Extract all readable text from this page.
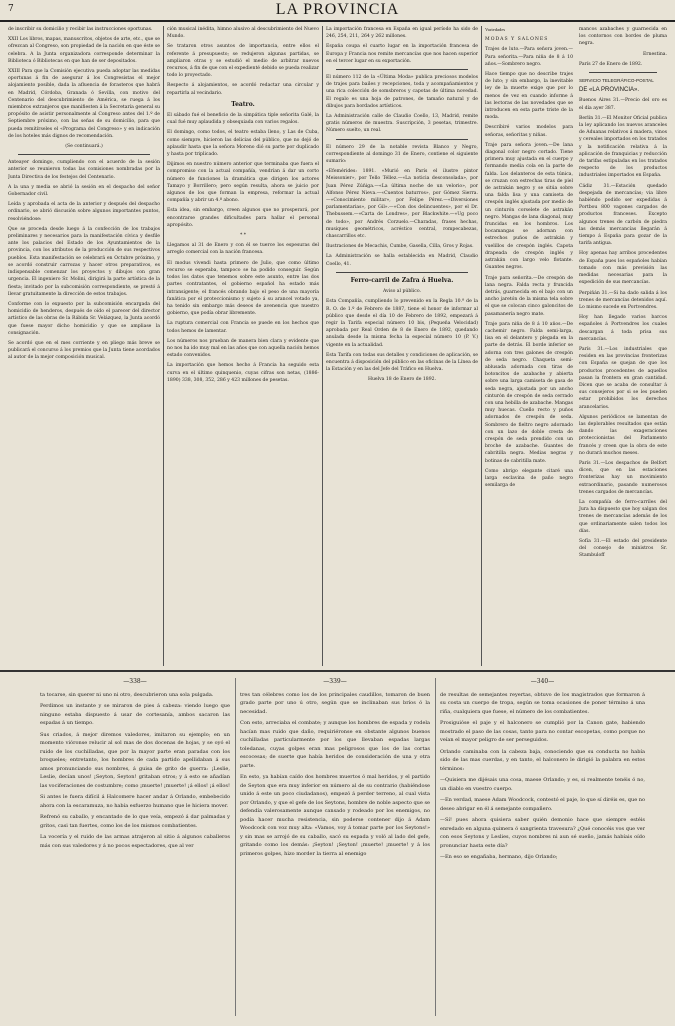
7	LA PROVINCIA

de inscribir su domicilio y recibir las instrucciones oportunas.

XXII Los libros, mapas, manuscritos, objetos de arte, etc., que se ofrezcan al Congreso, son propiedad de la nación en que éste se celebra. A la Junta organizadora corresponde determinar la Biblioteca ó Bibliotecas en que han de ser depositados.

XXIII Para que la Comisión ejecutiva pueda adoptar las medidas oportunas á fin de asegurar á los Congresistas el mejor alojamiento posible, dada la afluencia de forasteros que habrá en Madrid, Córdoba, Granada ó Sevilla, con motivo del Centenario del descubrimiento de América, se ruega á los miembros extranjeros que manifiesten á la Secretaría general su propósito de asistir personalmente al Congreso antes del 1.º de Septiembre próximo, con las señas de su domicilio, para que pueda remitírseles el «Programa del Congreso» y en indicación de los hoteles más dignos de recomendación.

(Se continuará.)

Anteayer domingo, cumpliendo con el acuerdo de la sesión anterior se reunieron todas las comisiones nombradas por la Junta Directiva de los festejos del Centenario.

A la una y media se abrió la sesión en el despacho del señor Gobernador civil.

Leída y aprobada el acta de la anterior y después del despacho ordinario, se abrió discusión sobre algunos importantes puntos, resolviéndose:

Que se proceda desde luego á la confección de los trabajos preliminares y necesarios para la manifestación cívica y desfile ante los palacios del Estado de los Ayuntamientos de la provincia, con los atributos de la producción de sus respectivos pueblos. Esta manifestación se celebrará en Octubre próximo, y se acordó construir carrozas y hacer otros preparativos, es indispensable comenzar los proyectos y dibujos con gran urgencia. El ingeniero Sr. Molini, dirigirá la parte artística de la fiesta; invitado por la subcomisión correspondiente, se prestó á llevar gratuitamente la dirección de estos trabajos.

Conforme con lo expuesto por la subcomisión encargada del homicidio de henderos, después de oído el parecer del director artístico de las obras de la Rábida Sr. Velázquez, la Junta acordó que fuese mayor dicho homicidio y que se ampliase la consignación.

Se acordó que en el mes corriente y en pliego más breve se publicará el concurso á los premios que la Junta tiene acordados al autor de la mejor composición musical.

ción musical inédita, himno alusivo al descubrimiento del Nuevo Mundo.

Se trataron otros asuntos de importancia, entre ellos el referente á presupuesto; se redujeron algunas partidas, se ampliaron otras y se estudió el medio de arbitrar nuevos recursos, á fin de que con el expedienté debido se pueda realizar todo lo proyectado.

Respecto á alojamientos, se acordó redactar una circular y repartirla al vecindario.

Teatro.

El sábado fué el beneficio de la simpática tiple señorita Galé, la cual fué muy aplaudida y obsequiada con varios regalos.

El domingo, como todos, el teatro estaba lleno, y Las de Cuba, como siempre, hicieron las delicias del público, que no dejó de aplaudir hasta que la señora Moreno dió su parte por duplicado y hasta por triplicado.

Dijimos en nuestro número anterior que terminaba que fuera el compromiso con la actual compañía, vendrían á dar un corto número de funciones la dramática que dirigen los actores Tamayo y Borrillero; pero según resulta, ahora se juicio por algunos de los que forman la empresa, reformar la actual compañía y abrir un 4.º abono.

Esta idea, sin embargo, creen algunos que no prosperará, por encontrarse grandes dificultades para hallar el personal apropósito.

* *

Llegamos al 31 de Enero y con él se tuerce los espesuras del arreglo comercial con la nación francesa.

El modus vivendi hasta primero de Julio, que como último recurso se esperaba, tampoco se ha podido conseguir. Según todos los datos que tenemos sobre este asunto, entre las dos partes contratantes, el gobierno español ha estado más intransigente; el francés obrando bajo el peso de una mayoría fanática por el proteccionismo y sujeto á su arancel votado ya, ha tenido sin embargo más deseos de avenencia que nuestro gobierno, que podía obrar libremente.

La ruptura comercial con Francia se puede en los hechos que todos hemos de lamentar.

Los números nos prueban de manera bien clara y evidente que no nos ha ido muy mal en las años que con aquella nación hemos estado convenidos.

La importación que hemos hecho á Francia ha seguido esta curva en el último quinquenio, cuyas cifras son netas, (1886-1890) 338, 308, 352, 286 y 423 millones de pesetas.

La importación francesa en España en igual período ha sido de 246, 254, 211, 264 y 262 millones.

España coupa el cuarto lugar en la importación francesa de Europa y Francia nos remite mercancías que nos hacen superior en el tercer lugar en su exportación.

El número 112 de la «Última Moda» publica preciosos modelos de trajes para bailes y recepciones, toda y acompañamientos y una rica colección de somsbreros y capotas de última novedad. El regalo es una hoja de patrones, de tamaño natural y de dibujos para bordados artísticos.

La Administración calle de Claudio Coello, 13, Madrid, remite gratis números de muestra. Suscripción, 3 pesetas, trimestre. Número suelto, un real.

El número 29 de la notable revista Blanco y Negro, correspondiente al domingo 31 de Enero, contiene el siguiente sumario:

«Efemérides: 1891. «Murió en París el ilustre pintor Meissonier», por Tello Téllez.—«La noticia desconsolada», por Juan Pérez Zúñiga.—«La última noche de un velorio», por Alfonso Pérez Nieva.—«Cuentos baturros», por Gómez Sierra.—«Conocimiento militar», por Felipe Pérez.—«Diversiones parlamentarias», por Gil».—«Con dos delincuentes», por el Dr. Thebussem.—«Carta de Londres», por Blackwhite.—«Ug poco de todo», por Andrés Corzuelo.—Charadas, frases hechas, musiques geométricos, acréstico central, rompecabezas, chascarrillos etc.

Ilustraciones de Mecachis, Cumbe, Gasella, Cilla, Gros y Rojas.

La Administración se halla establecida en Madrid, Claudio Coello, 41.

Ferro-carril de Zafra á Huelva.

Aviso al público.

Esta Compañía, cumpliendo lo prevenido en la Regla 10.ª de la R. O. de 1.º de Febrero de 1887, tiene el honor de informar al público que desde el día 10 de Febrero de 1892, empezará á regir la Tarifa especial número 10 bis, (Pequeña Velocidad) aprobada por Real Orden de 8 de Enero de 1892, quedando anulada desde la misma fecha la especial número 10 (P. V.) vigente en la actualidad.

Esta Tarifa con todas sus detalles y condiciones de aplicación, se encuentra á disposición del público en las oficinas de la Línea de la Estación y en las del Jefe del Tráfico en Huelva.

Huelva 18 de Enero de 1892.

Variedades

MODAS Y SALONES

Trajes de luto.—Para señora joven.—Para señorita.—Para niña de 8 á 10 años.—Sombrero negro.

Hace tiempo que no describe trajes de luto; y sin embargo, la inevitable ley de la muerte exige que por lo menos de vez en cuando informe á las lectoras de las novedades que se introducen en esta parte triste de la moda.

Describiré varios modelos para señoras, señoritas y niñas.

Traje para señora joven.—De lana diagonal color negro cortado. Tiene primera muy ajustada en el cuerpo y formando media cola en la parte de falda. Los delanteros de esta túnica, se cruzan con estrechas tiras de piel de astrakán negro y se sitúa sobre una falda lisa y una camiseta de crespón inglés ajustada por medio de un cinturón corselete de astrakán negro. Mangas de lana diagonal, muy fruncidas en los hombros. Los bocamangas se adornan con estrechos puños de astrakán y vuelillos de crespón inglés. Capota drapeada de crespón inglés y astrakán con largo velo flotante. Guantes negros.

Traje para señorita.—De crespón de lana negra. Falda recta y fruncida detrás, guarnecida en el bajo con un ancho jaretón de la misma tela sobre el que se colocan cinco galoncitos de pasamanería negro mate.

Traje para niña de 8 á 10 años.—De cachemir negro. Falda semi-larga, lisa en el delantero y plegada en la parte de detrás. El borde inferior se adorna con tres galones de crespón de seda negro. Chaqueta semi-ablusada adornada con tiras de botoncitos de azabache y abierta sobre una larga camiseta de gasa de seda negra, ajustada por un ancho cinturón de crespón de seda cerrado con una hebilla de azabache. Mangas muy huecas. Cuello recto y puños adornados de crespón de seda. Sombrero de fieltro negro adornado con un lazo de doble cresta de crespón de seda prendido con un broche de azabache. Guantes de cabritilla negra. Medias negras y botinas de cabritilla mate.

Como abrigo elegante citaré una larga esclavina de paño negro semilarga de

mancos azabaches y guarnecida en los contornos con bordes de pluma negra.

Ernestina.

París 27 de Enero de 1892.

SERVICIO TELEGRÁFICO-POSTAL

DE «LA PROVINCIA».

Buenos Aires 31.—Precio del oro es el día ayer 387.

Berlín 31.—El Monitor Oficial publica la ley aplicando los nuevos aranceles de Aduanas relativos á madera, vinos y cereales importados en los tratados y la notificación relativa á la aplicación de franquicias y reducción de tarifas estipuladas en los tratados respecto de los productos industriales importados en España.

Cádiz 31.—Estación quedado despejada de mercancías; via libre habiéndo podido ser expedidas á Portbou 800 vagones cargados de productos franceses. Excepto algunos trenes de carbón de piedra las demás mercancías llegarán á tiempo á España para gozar de la tarifa antigua.

Hoy apenas hay arribos procedentes de España pues los españoles habían tomado con más previsión las medidas necesarias para la expedición de sus mercancías.

Perpiñán 31.—Si ha dado salida á los trenes de mercancías detenidos aquí. Lo mismo sucede en Portvendres.

Hoy han llegado varios barcos españoles á Portvendres los cuales descargan á toda prisa sus mercancías.

París 31.—Los industriales que residen en las provincias fronterizas con España se quejan de que los productos procedentes de aquellos pasan la frontera en gran cantidad. Dicen que se acaba de consultar á sus consejeros por si se les pueden estar prohibidos los derechos arancelarios.

Algunos periódicos se lamentan de las deplorables resultados que están dando las exageraciones proteccionistas del Parlamento francés y creen que la obra de este no durará muchos meses.

París 31.—Los despachos de Belfort dicen, que en las estaciones fronterizas hay un movimiento extraordinario, pasando numerosos trenes cargados de mercancías.

La compañía de ferro-carriles del Jura ha dispuesto que hoy salgan dos trenes de mercancías además de los que ordinariamente salen todos los días.

Sofía 31.—El estado del presidente del consejo de ministros Sr. Stambuloff

—338—

ta tocarse, sin querer ni uno ni otro, descubrieron una sola pulgada.

Perdimos un instante y se miraron de pies á cabeza: viendo luego que ninguno estaba dispuesto á usar de cortesanía, ambos sacaron las espadas á un tiempo.

Sus criados, á mejor diremos valedores, imitaron su ejemplo; en un momento vióronse relucir al sol mas de dos docenas de hojas, y se oyó el ruido de los cuchilladas, que por la mayor parte eran paradas con los broqueles; entretanto, los hombres de cada partido apellidaban á sus amos pronunciando sus nombres, á guisa de grito de guerra: ¡Leslie, Leslie, decían unos! ¡Seyton, Seyton! gritaban otros; y á esto se añadían las vociferaciones de costumbre; como ¡muerte! ¡muerte! ¡á ellos! ¡á ellos!

Si antes le fuera difícil á Halcomere hacer andar á Orlando, embebecido ahora con la escaramuza, no había esfuerzo humano que le hiciera mover.

Refrenó su caballo, y encantado de lo que veía, empezó á dar palmadas y gritos, casi tan fuertes, como los de los mismos combatientes.

La vocería y el ruido de las armas atrajeron al sitio á algunos caballeros más con sus valedores y á no pocos espectadores, que al ver

—339—

tres tan célebres como los de los principales caudillos, tomaron de buen grado parte por uno ú otro, según que se inclinaban sus bríos ó la necesidad.

Con esto, arreciaba el combate; y aunque los hombres de espada y rodela hacían mas ruido que daño, requiriéronse en obstante algunos buenos cuchilladas particularmente por los que llevaban espadas largas toledanas, cuyas golpes eran mas peligrosos que los de las cortas escocesas; de suerte que había heridos de consideración de una y otra parte.

En esto, ya habían caído dos hombres muertos ó mal heridos, y el partido de Seyton que era muy inferior en número al de su contrario (habiéndose unido á este un poco ciudadanos), empezó á perder terreno, al cual vista por Orlando, y que el gefe de los Seytons, hombre de noble aspecto que se defendía valerosamente aunque cansado y rodeado por los enemigos, no podía hacer mucha resistencia, sin poderse contener dijo á Adam Woodcock con voz muy alta: «Vamos, voy á tomar parte por los Seytons!» y sin mas se arrojó de su caballo, sacó su espada y voló al lado del gefe, gritando como los demás: ¡Seyton! ¡Seyton! ¡muerte! ¡muerte! y á los primeros golpes, hizo morder la tierra al enemigo

—340—

de resultas de semejantes reyertas, obtuvo de los magistrados que formaron á su costa un cuerpo de tropa, según se toma ocasiones de poner término á una riña, cualquiera que fuese, el número de los combatientes.

Prosiguióse el paje y el halconero se cumplió por la Canon gate, habiendo mostrado el paso de las cosas, tanto para no contar escopetas, como porque no veían el mayor peligro de ser perseguidos.

Orlando caminaba con la cabeza baja, conociendo que su conducta no había sido de las mas cuerdas, y en tanto, el halconero le dirigió la palabra en estos términos:

—Quisiera me dijésais una cosa, maese Orlando; y es, si realmente tenéis ó no, un diablo en vuestro cuerpo.

—En verdad, maese Adam Woodcock, contestó el paje, lo que sí diréis es, que no deseo abrigar en él á semejante compañero.

—Sí! pues ahora quisiera saber quién demonio hace que siempre estéis enredado en alguna quimera ó sangrienta travesura? ¿Qué conocéis vos que ver con esos Seytons y Leslies, cuyos nombres ni aun sé sueño, jamás habíais oído pronunciar hasta este día?

—En eso se engañaba, hermano, dijo Orlando;
